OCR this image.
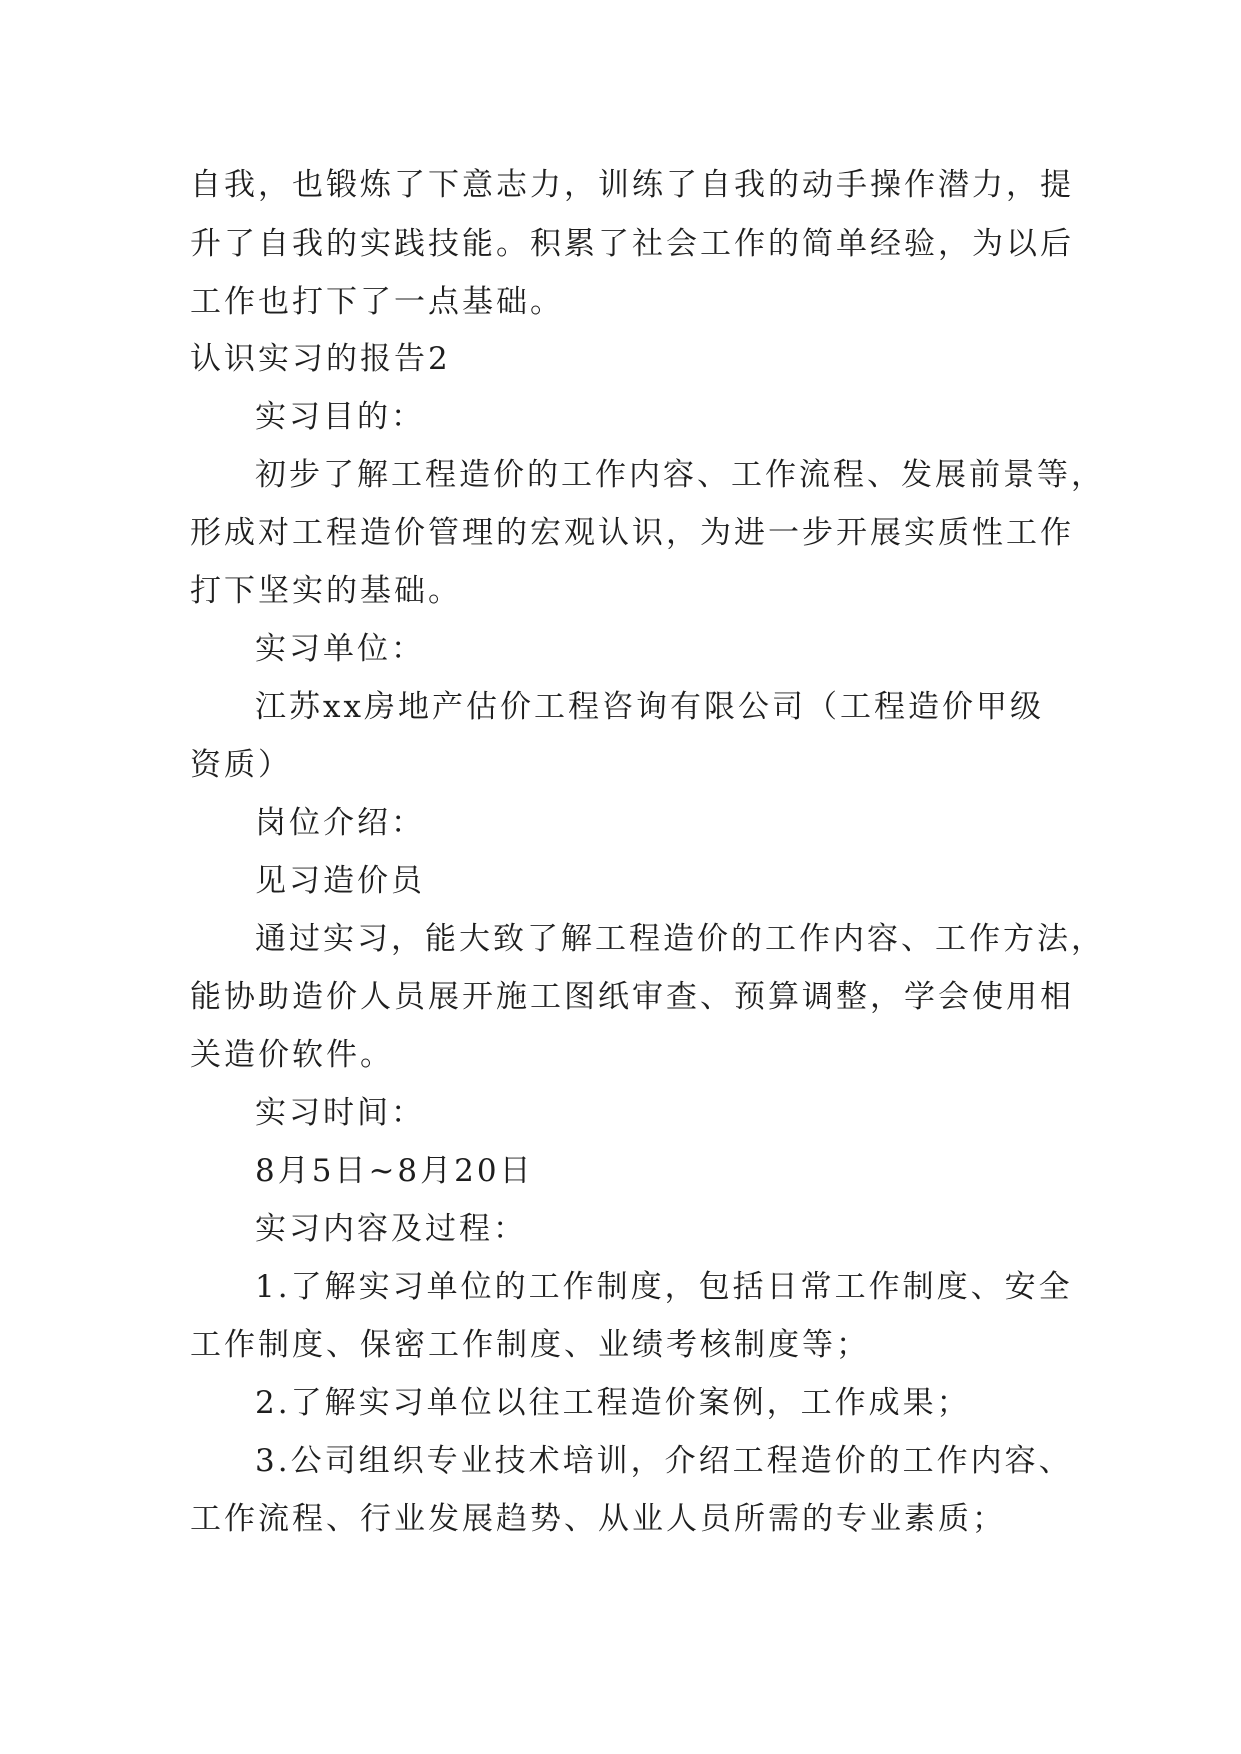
自我，也锻炼了下意志力，训练了自我的动手操作潜力，提
升了自我的实践技能。积累了社会工作的简单经验，为以后
工作也打下了一点基础。
认识实习的报告2
实习目的：
初步了解工程造价的工作内容、工作流程、发展前景等，
形成对工程造价管理的宏观认识，为进一步开展实质性工作
打下坚实的基础。
实习单位：
江苏xx房地产估价工程咨询有限公司（工程造价甲级
资质）
岗位介绍：
见习造价员
通过实习，能大致了解工程造价的工作内容、工作方法，
能协助造价人员展开施工图纸审查、预算调整，学会使用相
关造价软件。
实习时间：
8月5日~8月20日
实习内容及过程：
1.了解实习单位的工作制度，包括日常工作制度、安全
工作制度、保密工作制度、业绩考核制度等；
2.了解实习单位以往工程造价案例，工作成果；
3.公司组织专业技术培训，介绍工程造价的工作内容、
工作流程、行业发展趋势、从业人员所需的专业素质；
